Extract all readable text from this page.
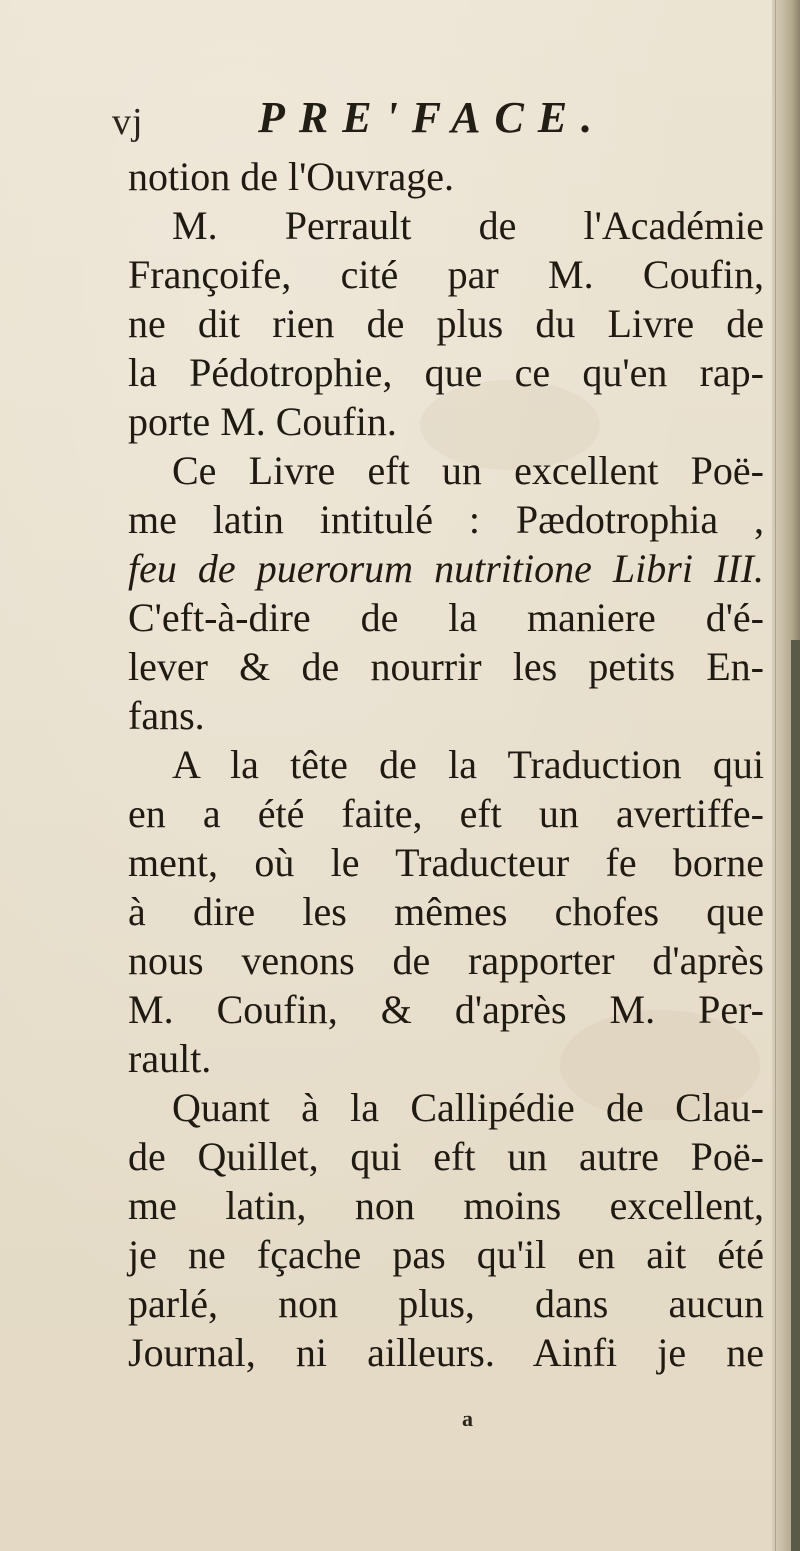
vj	PRE'FACE.
notion de l'Ouvrage.
M. Perrault de l'Académie
Françoife, cité par M. Coufin,
ne dit rien de plus du Livre de
la Pédotrophie, que ce qu'en rap-
porte M. Coufin.
Ce Livre eft un excellent Poë-
me latin intitulé : Pædotrophia ,
feu de puerorum nutritione Libri III.
C'eft-à-dire de la maniere d'é-
lever & de nourrir les petits En-
fans.
A la tête de la Traduction qui
en a été faite, eft un avertiffe-
ment, où le Traducteur fe borne
à dire les mêmes chofes que
nous venons de rapporter d'après
M. Coufin, & d'après M. Per-
rault.
Quant à la Callipédie de Clau-
de Quillet, qui eft un autre Poë-
me latin, non moins excellent,
je ne fçache pas qu'il en ait été
parlé, non plus, dans aucun
Journal, ni ailleurs. Ainfi je ne
a
